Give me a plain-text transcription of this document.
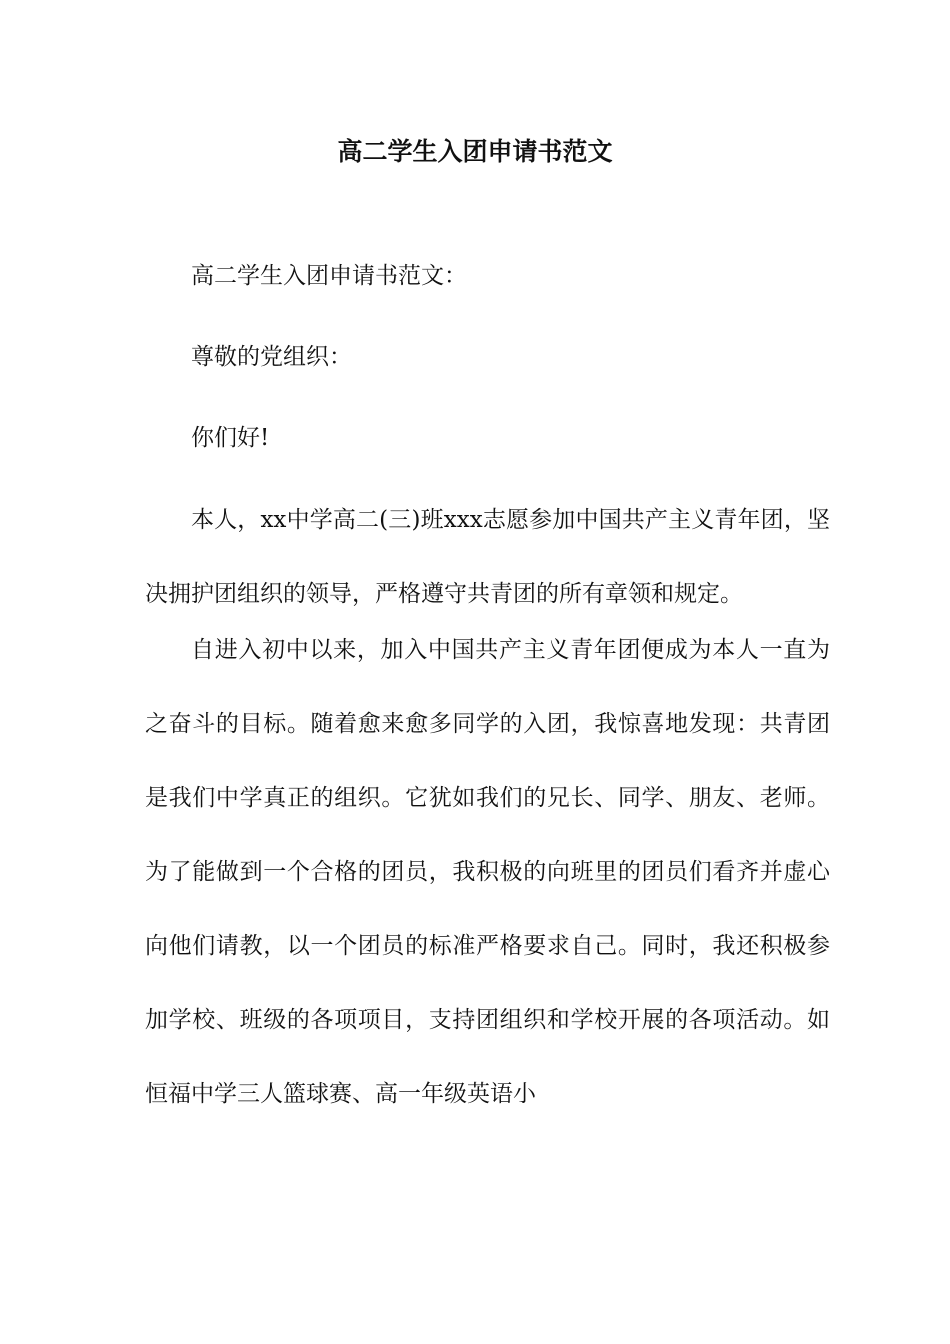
高二学生入团申请书范文

高二学生入团申请书范文：

尊敬的党组织：

你们好!

本人，xx中学高二(三)班xxx志愿参加中国共产主义青年团，坚决拥护团组织的领导，严格遵守共青团的所有章领和规定。

自进入初中以来，加入中国共产主义青年团便成为本人一直为之奋斗的目标。随着愈来愈多同学的入团，我惊喜地发现：共青团是我们中学真正的组织。它犹如我们的兄长、同学、朋友、老师。为了能做到一个合格的团员，我积极的向班里的团员们看齐并虚心向他们请教，以一个团员的标准严格要求自己。同时，我还积极参加学校、班级的各项项目，支持团组织和学校开展的各项活动。如恒福中学三人篮球赛、高一年级英语小
